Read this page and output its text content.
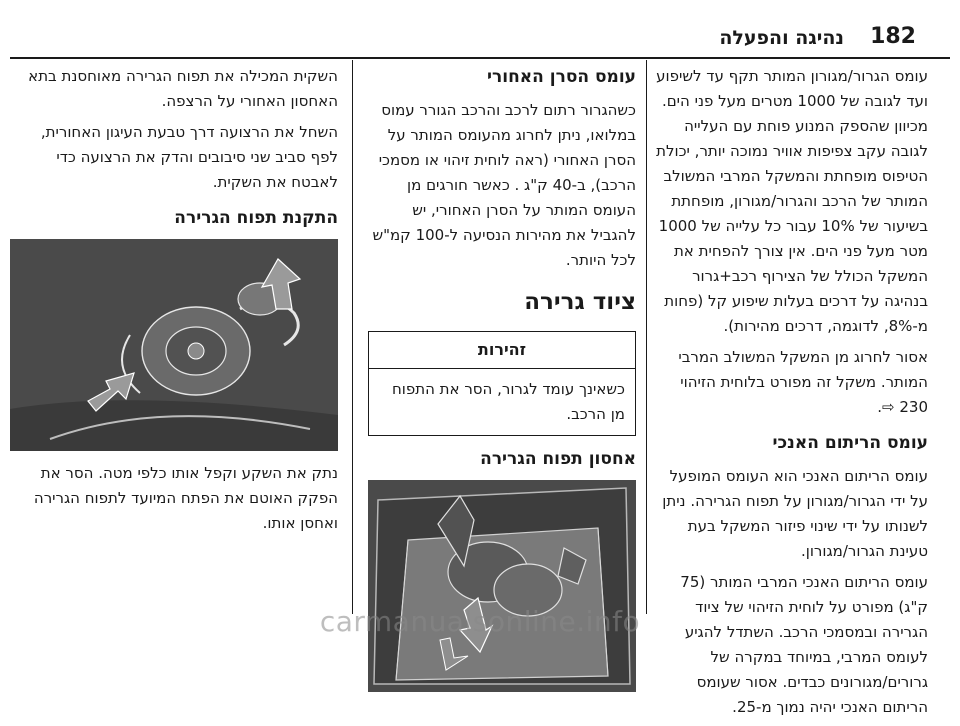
182
נהיגה והפעלה

עומס הגרור/מגורון המותר תקף עד לשיפוע ועד לגובה של 1000 מטרים מעל פני הים. מכיוון שהספק המנוע פוחת עם העלייה לגובה עקב צפיפות אוויר נמוכה יותר, יכולת הטיפוס מופחתת והמשקל המרבי המשולב המותר של הרכב והגרור/מגורון, מופחתת בשיעור של 10% עבור כל עלייה של 1000 מטר מעל פני הים. אין צורך להפחית את המשקל הכולל של הצירוף רכב+גרור בנהיגה על דרכים בעלות שיפוע קל (פחות מ-8%, לדוגמה, דרכים מהירות).

אסור לחרוג מן המשקל המשולב המרבי המותר. משקל זה מפורט בלוחית הזיהוי 230 ⇨.

עומס הריתום האנכי

עומס הריתום האנכי הוא העומס המופעל על ידי הגרור/מגורון על תפוח הגרירה. ניתן לשנותו על ידי שינוי פיזור המשקל בעת טעינת הגרור/מגורון.

עומס הריתום האנכי המרבי המותר (75 ק"ג) מפורט על לוחית הזיהוי של ציוד הגרירה ובמסמכי הרכב. השתדל להגיע לעומס המרבי, במיוחד במקרה של גרורים/מגורונים כבדים. אסור שעומס הריתום האנכי יהיה נמוך מ-25.

עומס הסרן האחורי

כשהגרור רתום לרכב והרכב הגורר עמוס במלואו, ניתן לחרוג מהעומס המותר על הסרן האחורי (ראה לוחית זיהוי או מסמכי הרכב), ב-40 ק"ג . כאשר חורגים מן העומס המותר על הסרן האחורי, יש להגביל את מהירות הנסיעה ל-100 קמ"ש לכל היותר.

ציוד גרירה
זהירות
כשאינך עומד לגרור, הסר את התפוח מן הרכב.
אחסון תפוח הגרירה

השקית המכילה את תפוח הגרירה מאוחסנת בתא האחסון האחורי על הרצפה.

השחל את הרצועה דרך טבעת העיגון האחורית, לפף סביב שני סיבובים והדק את הרצועה כדי לאבטח את השקית.

התקנת תפוח הגרירה

נתק את השקע וקפל אותו כלפי מטה. הסר את הפקק האוטם את הפתח המיועד לתפוח הגרירה ואחסן אותו.

carmanualsonline.info
